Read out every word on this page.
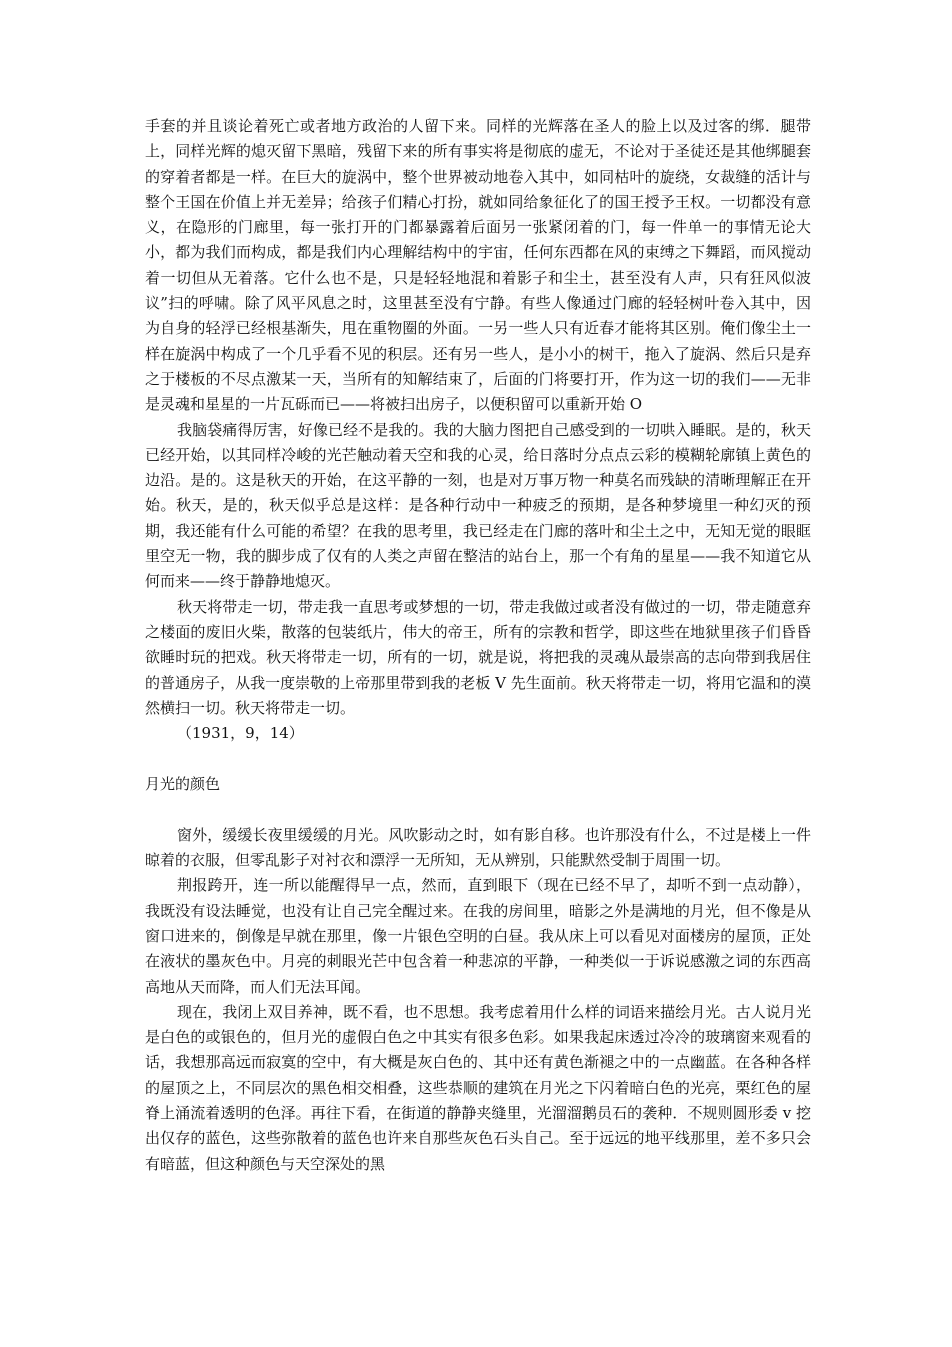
手套的并且谈论着死亡或者地方政治的人留下来。同样的光辉落在圣人的脸上以及过客的绑．腿带上，同样光辉的熄灭留下黑暗，残留下来的所有事实将是彻底的虚无，不论对于圣徒还是其他绑腿套的穿着者都是一样。在巨大的旋涡中，整个世界被动地卷入其中，如同枯叶的旋绕，女裁缝的活计与整个王国在价值上并无差异；给孩子们精心打扮，就如同给象征化了的国王授予王权。一切都没有意义，在隐形的门廊里，每一张打开的门都暴露着后面另一张紧闭着的门，每一件单一的事情无论大小，都为我们而构成，都是我们内心理解结构中的宇宙，任何东西都在风的束缚之下舞蹈，而风搅动着一切但从无着落。它什么也不是，只是轻轻地混和着影子和尘土，甚至没有人声，只有狂风似波议”扫的呼啸。除了风平风息之时，这里甚至没有宁静。有些人像通过门廊的轻轻树叶卷入其中，因为自身的轻浮已经根基渐失，甩在重物圈的外面。一另一些人只有近春才能将其区别。俺们像尘土一样在旋涡中构成了一个几乎看不见的积层。还有另一些人，是小小的树干，拖入了旋涡、然后只是弃之于楼板的不尽点激某一天，当所有的知解结束了，后面的门将要打开，作为这一切的我们——无非是灵魂和星星的一片瓦砾而已——将被扫出房子，以便积留可以重新开始 O

我脑袋痛得厉害，好像已经不是我的。我的大脑力图把自己感受到的一切哄入睡眠。是的，秋天已经开始，以其同样冷峻的光芒触动着天空和我的心灵，给日落时分点点云彩的模糊轮廓镇上黄色的边沿。是的。这是秋天的开始，在这平静的一刻，也是对万事万物一种莫名而残缺的清晰理解正在开始。秋天，是的，秋天似乎总是这样：是各种行动中一种疲乏的预期，是各种梦境里一种幻灭的预期，我还能有什么可能的希望？在我的思考里，我已经走在门廊的落叶和尘土之中，无知无觉的眼眶里空无一物，我的脚步成了仅有的人类之声留在整洁的站台上，那一个有角的星星——我不知道它从何而来——终于静静地熄灭。

秋天将带走一切，带走我一直思考或梦想的一切，带走我做过或者没有做过的一切，带走随意弃之楼面的废旧火柴，散落的包装纸片，伟大的帝王，所有的宗教和哲学，即这些在地狱里孩子们昏昏欲睡时玩的把戏。秋天将带走一切，所有的一切，就是说，将把我的灵魂从最崇高的志向带到我居住的普通房子，从我一度崇敬的上帝那里带到我的老板 V 先生面前。秋天将带走一切，将用它温和的漠然横扫一切。秋天将带走一切。

（1931，9，14）

月光的颜色

窗外，缓缓长夜里缓缓的月光。风吹影动之时，如有影自移。也许那没有什么，不过是楼上一件晾着的衣服，但零乱影子对衬衣和漂浮一无所知，无从辨别，只能默然受制于周围一切。

荆报跨开，连一所以能醒得早一点，然而，直到眼下（现在已经不早了，却听不到一点动静），我既没有设法睡觉，也没有让自己完全醒过来。在我的房间里，暗影之外是满地的月光，但不像是从窗口进来的，倒像是早就在那里，像一片银色空明的白昼。我从床上可以看见对面楼房的屋顶，正处在液状的墨灰色中。月亮的刺眼光芒中包含着一种悲凉的平静，一种类似一于诉说感激之词的东西高高地从天而降，而人们无法耳闻。

现在，我闭上双目养神，既不看，也不思想。我考虑着用什么样的词语来描绘月光。古人说月光是白色的或银色的，但月光的虚假白色之中其实有很多色彩。如果我起床透过冷冷的玻璃窗来观看的话，我想那高远而寂寞的空中，有大概是灰白色的、其中还有黄色渐褪之中的一点幽蓝。在各种各样的屋顶之上，不同层次的黑色相交相叠，这些恭顺的建筑在月光之下闪着暗白色的光亮，栗红色的屋脊上涌流着透明的色泽。再往下看，在街道的静静夹缝里，光溜溜鹅员石的袭种．不规则圆形委 v 挖出仅存的蓝色，这些弥散着的蓝色也许来自那些灰色石头自己。至于远远的地平线那里，差不多只会有暗蓝，但这种颜色与天空深处的黑
